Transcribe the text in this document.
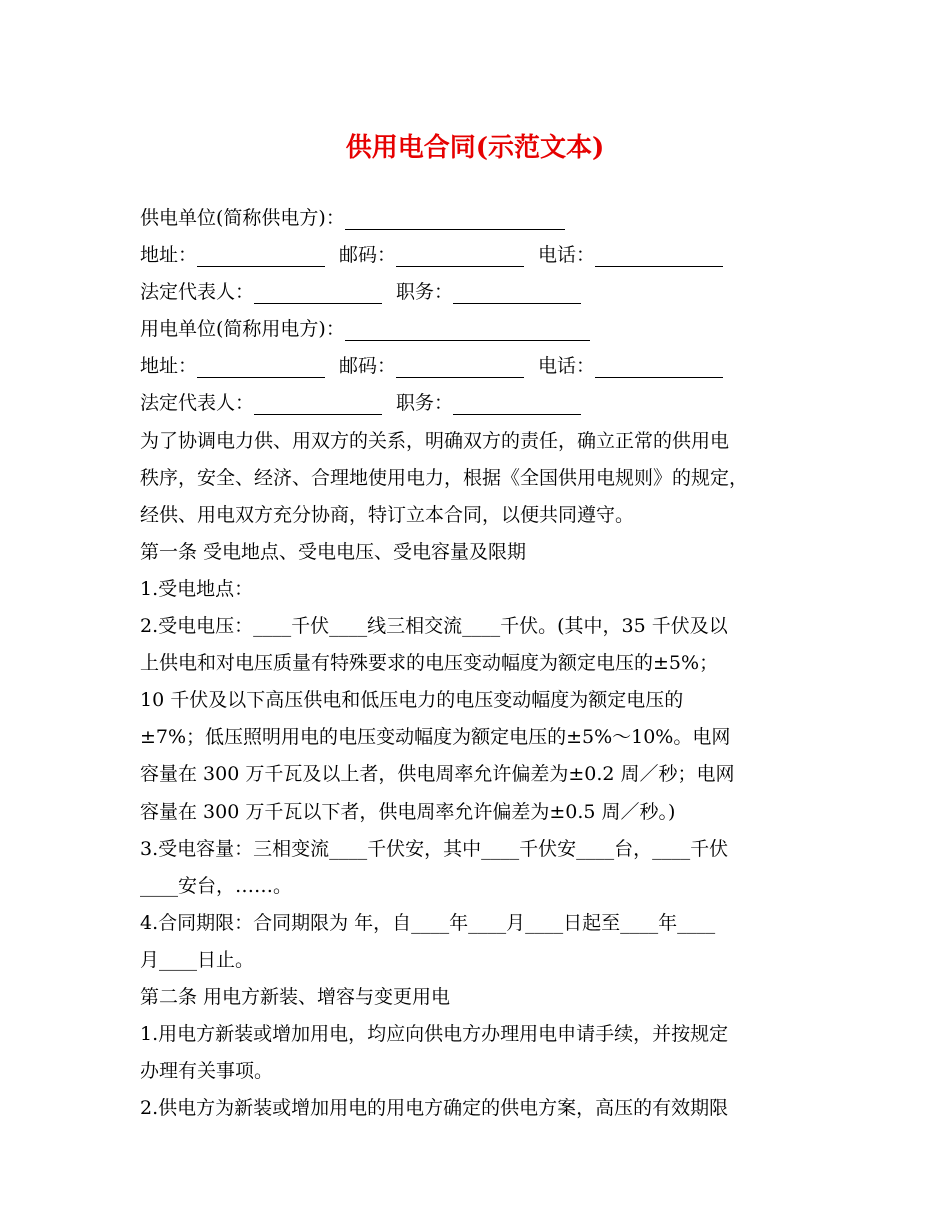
供用电合同(示范文本)
供电单位(简称供电方)：
地址：	邮码：	电话：
法定代表人：	职务：
用电单位(简称用电方)：
地址：	邮码：	电话：
法定代表人：	职务：
为了协调电力供、用双方的关系，明确双方的责任，确立正常的供用电
秩序，安全、经济、合理地使用电力，根据《全国供用电规则》的规定，
经供、用电双方充分协商，特订立本合同，以便共同遵守。
第一条 受电地点、受电电压、受电容量及限期
1.受电地点：
2.受电电压：____千伏____线三相交流____千伏。(其中，35 千伏及以
上供电和对电压质量有特殊要求的电压变动幅度为额定电压的±5%；
10 千伏及以下高压供电和低压电力的电压变动幅度为额定电压的
±7%；低压照明用电的电压变动幅度为额定电压的±5%～10%。电网
容量在 300 万千瓦及以上者，供电周率允许偏差为±0.2 周／秒；电网
容量在 300 万千瓦以下者，供电周率允许偏差为±0.5 周／秒。)
3.受电容量：三相变流____千伏安，其中____千伏安____台，____千伏
____安台，……。
4.合同期限：合同期限为 年，自____年____月____日起至____年____
月____日止。
第二条 用电方新装、增容与变更用电
1.用电方新装或增加用电，均应向供电方办理用电申请手续，并按规定
办理有关事项。
2.供电方为新装或增加用电的用电方确定的供电方案，高压的有效期限
